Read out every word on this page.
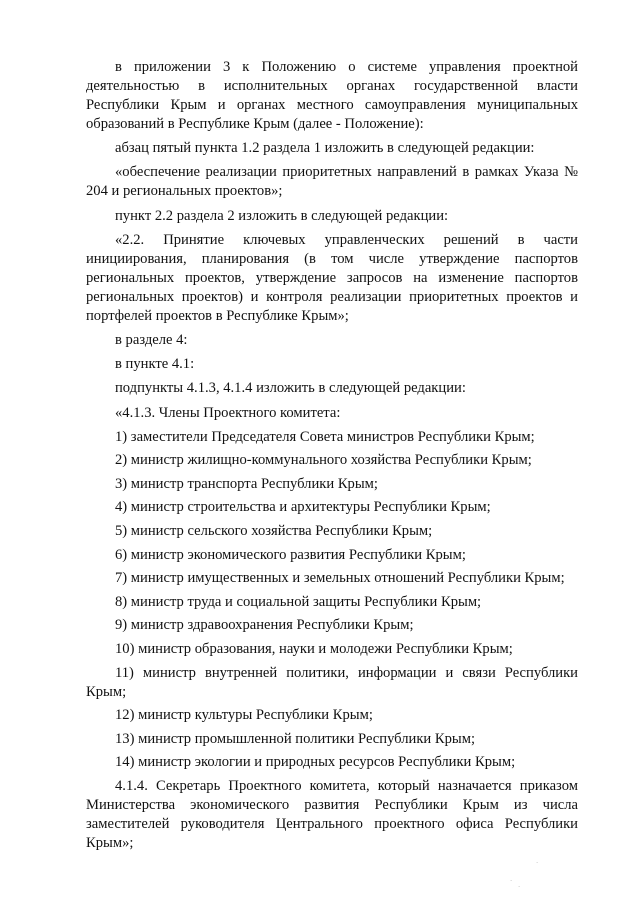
в приложении 3 к Положению о системе управления проектной деятельностью в исполнительных органах государственной власти Республики Крым и органах местного самоуправления муниципальных образований в Республике Крым (далее - Положение):

абзац пятый пункта 1.2 раздела 1 изложить в следующей редакции:

«обеспечение реализации приоритетных направлений в рамках Указа № 204 и региональных проектов»;

пункт 2.2 раздела 2 изложить в следующей редакции:

«2.2. Принятие ключевых управленческих решений в части инициирования, планирования (в том числе утверждение паспортов региональных проектов, утверждение запросов на изменение паспортов региональных проектов) и контроля реализации приоритетных проектов и портфелей проектов в Республике Крым»;

в разделе 4:

в пункте 4.1:

подпункты 4.1.3, 4.1.4 изложить в следующей редакции:

«4.1.3. Члены Проектного комитета:

1) заместители Председателя Совета министров Республики Крым;

2) министр жилищно-коммунального хозяйства Республики Крым;

3) министр транспорта Республики Крым;

4) министр строительства и архитектуры Республики Крым;

5) министр сельского хозяйства Республики Крым;

6) министр экономического развития Республики Крым;

7) министр имущественных и земельных отношений Республики Крым;

8) министр труда и социальной защиты Республики Крым;

9) министр здравоохранения Республики Крым;

10) министр образования, науки и молодежи Республики Крым;

11) министр внутренней политики, информации и связи Республики Крым;

12) министр культуры Республики Крым;

13) министр промышленной политики Республики Крым;

14) министр экологии и природных ресурсов Республики Крым;

4.1.4. Секретарь Проектного комитета, который назначается приказом Министерства экономического развития Республики Крым из числа заместителей руководителя Центрального проектного офиса Республики Крым»;

·
·
·
